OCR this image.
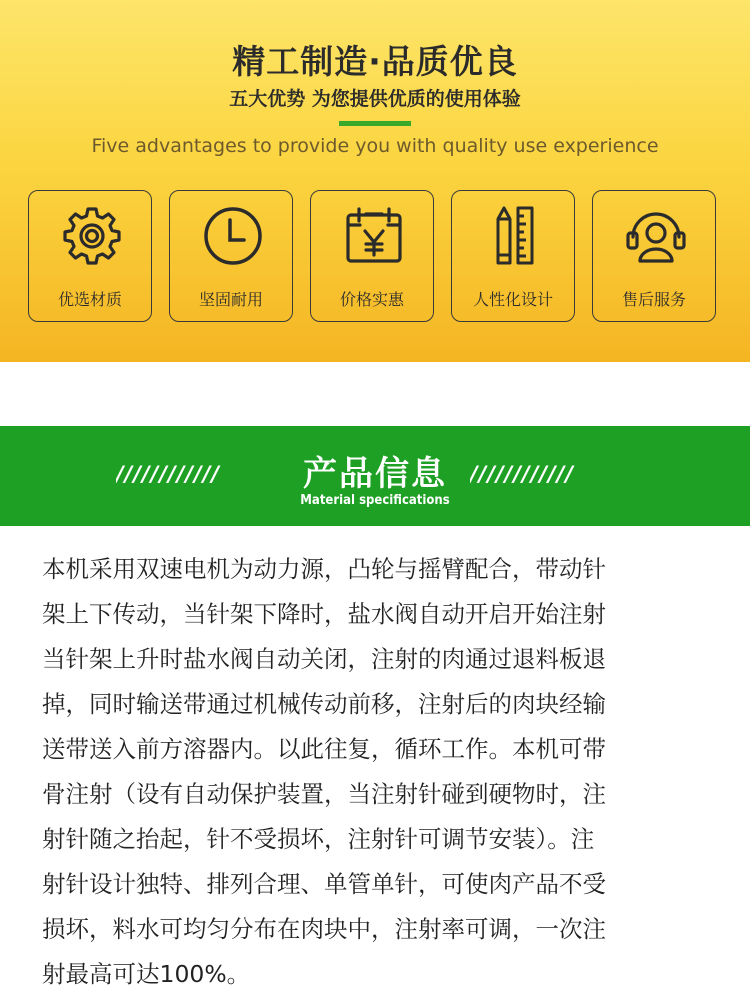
精工制造·品质优良
五大优势 为您提供优质的使用体验
Five advantages to provide you with quality use experience
优选材质	坚固耐用	价格实惠	人性化设计	售后服务
////////////	////////////
产品信息
Material specifications
本机采用双速电机为动力源，凸轮与摇臂配合，带动针
架上下传动，当针架下降时，盐水阀自动开启开始注射
当针架上升时盐水阀自动关闭，注射的肉通过退料板退
掉，同时输送带通过机械传动前移，注射后的肉块经输
送带送入前方溶器内。以此往复，循环工作。本机可带
骨注射（设有自动保护装置，当注射针碰到硬物时，注
射针随之抬起，针不受损坏，注射针可调节安装）。注
射针设计独特、排列合理、单管单针，可使肉产品不受
损坏，料水可均匀分布在肉块中，注射率可调，一次注
射最高可达100%。
